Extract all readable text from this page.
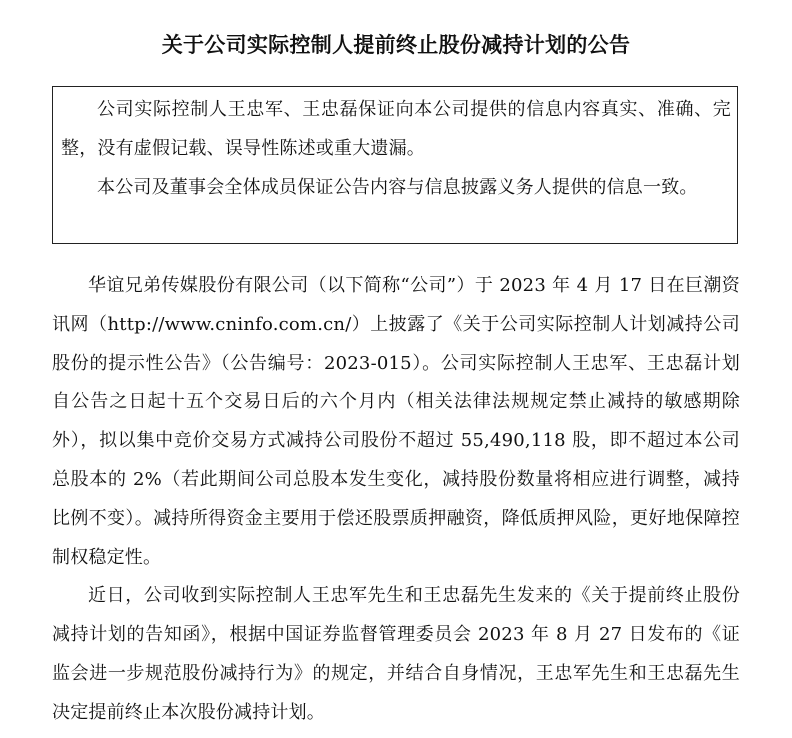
关于公司实际控制人提前终止股份减持计划的公告

公司实际控制人王忠军、王忠磊保证向本公司提供的信息内容真实、准确、完整，没有虚假记载、误导性陈述或重大遗漏。

本公司及董事会全体成员保证公告内容与信息披露义务人提供的信息一致。

华谊兄弟传媒股份有限公司（以下简称“公司”）于 2023 年 4 月 17 日在巨潮资讯网（http://www.cninfo.com.cn/）上披露了《关于公司实际控制人计划减持公司股份的提示性公告》（公告编号：2023-015）。公司实际控制人王忠军、王忠磊计划自公告之日起十五个交易日后的六个月内（相关法律法规规定禁止减持的敏感期除外），拟以集中竞价交易方式减持公司股份不超过 55,490,118 股，即不超过本公司总股本的 2%（若此期间公司总股本发生变化，减持股份数量将相应进行调整，减持比例不变）。减持所得资金主要用于偿还股票质押融资，降低质押风险，更好地保障控制权稳定性。

近日，公司收到实际控制人王忠军先生和王忠磊先生发来的《关于提前终止股份减持计划的告知函》，根据中国证券监督管理委员会 2023 年 8 月 27 日发布的《证监会进一步规范股份减持行为》的规定，并结合自身情况，王忠军先生和王忠磊先生决定提前终止本次股份减持计划。
